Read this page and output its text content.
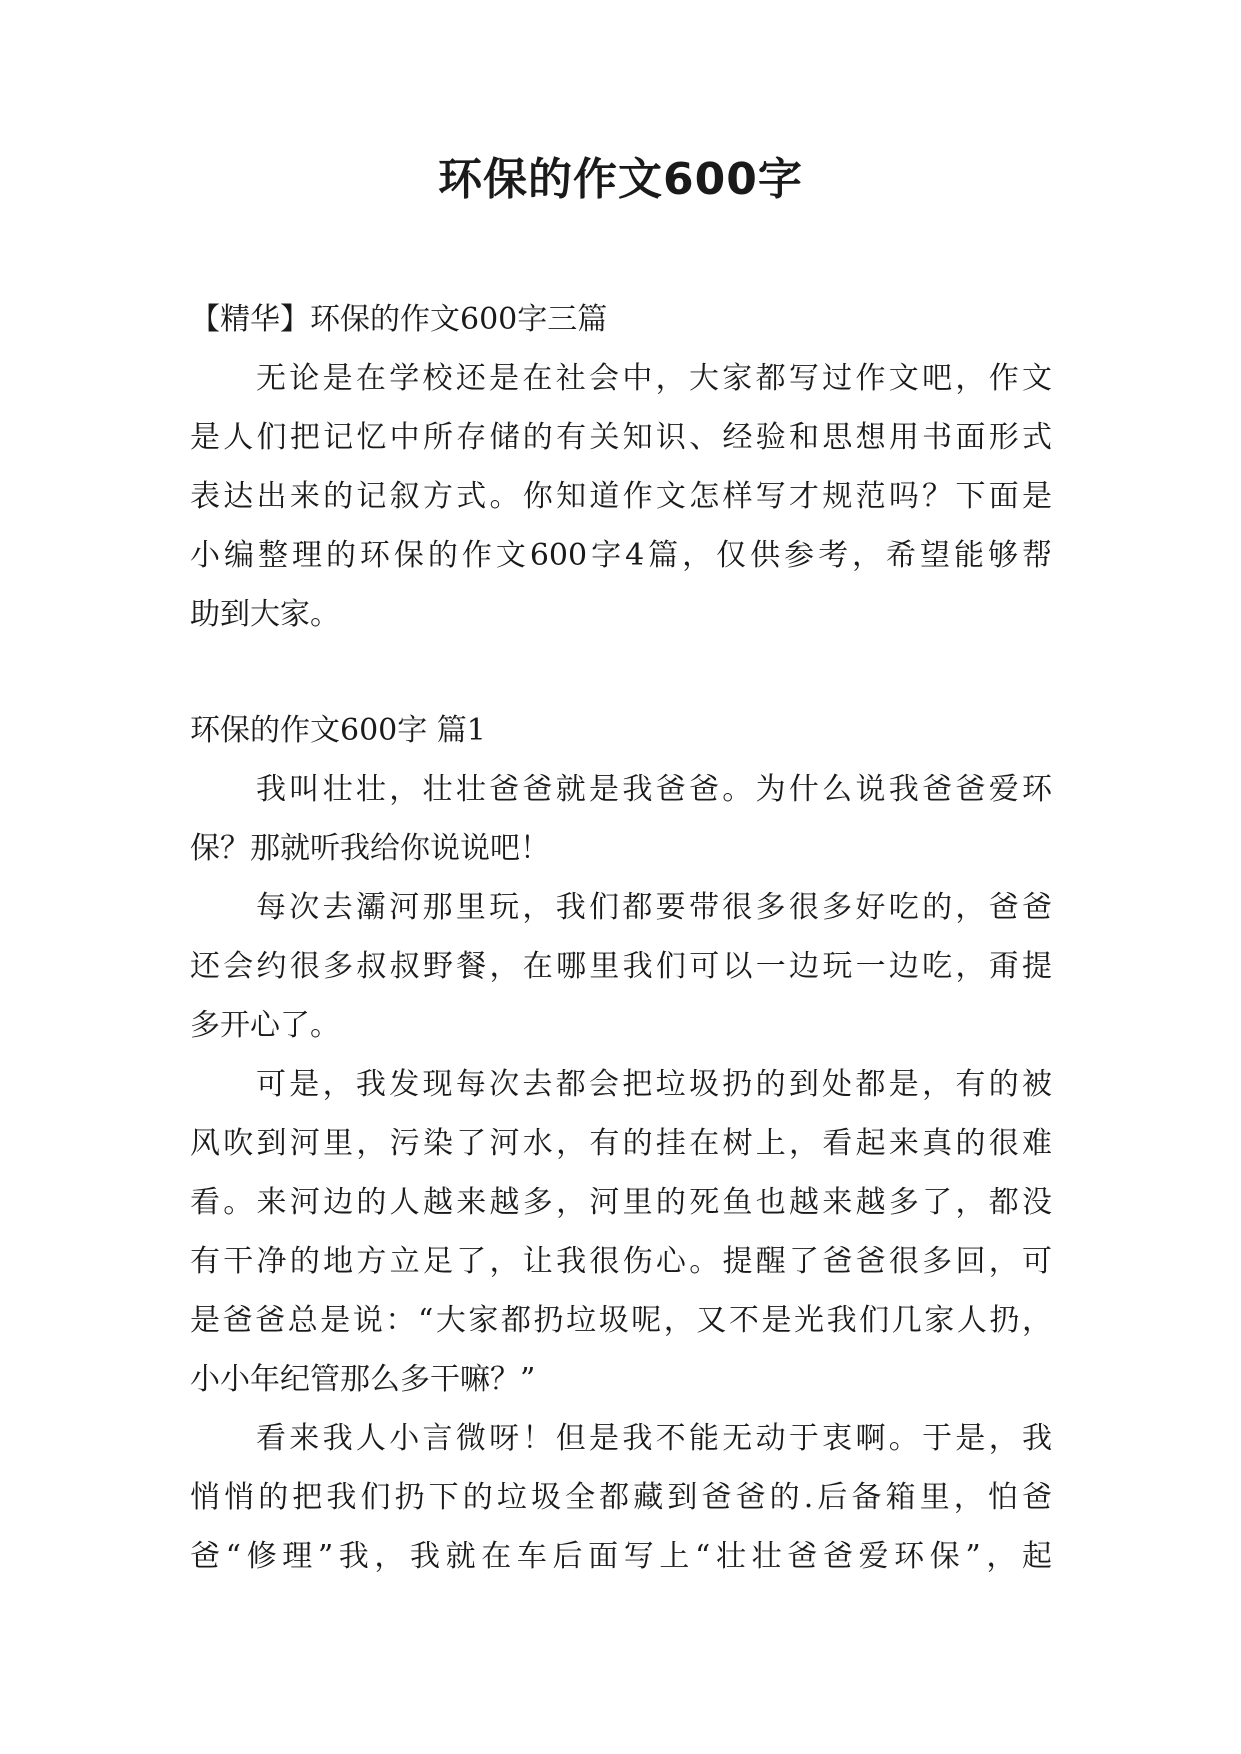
环保的作文600字
【精华】环保的作文600字三篇
无论是在学校还是在社会中，大家都写过作文吧，作文
是人们把记忆中所存储的有关知识、经验和思想用书面形式
表达出来的记叙方式。你知道作文怎样写才规范吗？下面是
小编整理的环保的作文600字4篇，仅供参考，希望能够帮
助到大家。
环保的作文600字 篇1
我叫壮壮，壮壮爸爸就是我爸爸。为什么说我爸爸爱环
保？那就听我给你说说吧！
每次去灞河那里玩，我们都要带很多很多好吃的，爸爸
还会约很多叔叔野餐，在哪里我们可以一边玩一边吃，甭提
多开心了。
可是，我发现每次去都会把垃圾扔的到处都是，有的被
风吹到河里，污染了河水，有的挂在树上，看起来真的很难
看。来河边的人越来越多，河里的死鱼也越来越多了，都没
有干净的地方立足了，让我很伤心。提醒了爸爸很多回，可
是爸爸总是说：“大家都扔垃圾呢，又不是光我们几家人扔，
小小年纪管那么多干嘛？”
看来我人小言微呀！但是我不能无动于衷啊。于是，我
悄悄的把我们扔下的垃圾全都藏到爸爸的.后备箱里，怕爸
爸“修理”我，我就在车后面写上“壮壮爸爸爱环保”，起
